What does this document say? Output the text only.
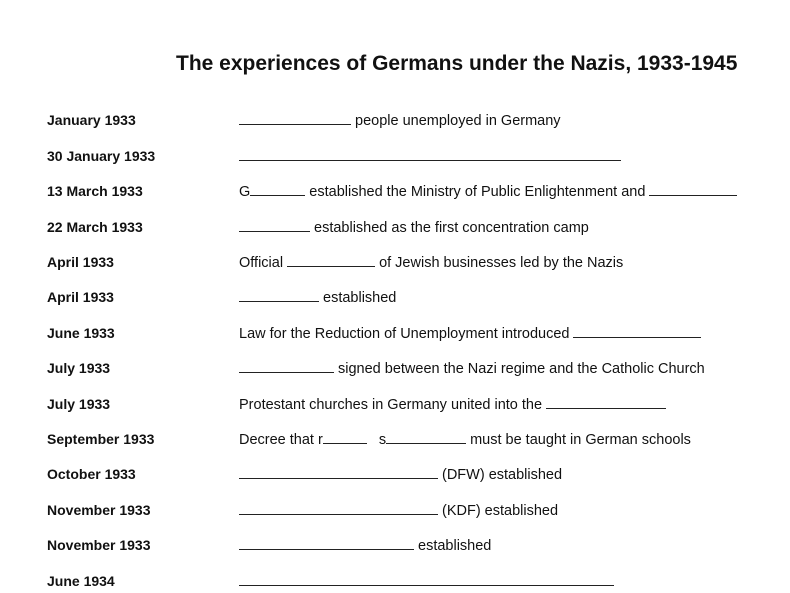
The experiences of Germans under the Nazis, 1933-1945
January 1933	people unemployed in Germany
30 January 1933
13 March 1933	G	established the Ministry of Public Enlightenment and
22 March 1933	established as the first concentration camp
April 1933	Official	of Jewish businesses led by the Nazis
April 1933	established
June 1933	Law for the Reduction of Unemployment introduced
July 1933	signed between the Nazi regime and the Catholic Church
July 1933	Protestant churches in Germany united into the
September 1933	Decree that r	s	must be taught in German schools
October 1933	(DFW) established
November 1933	(KDF) established
November 1933	established
June 1934
